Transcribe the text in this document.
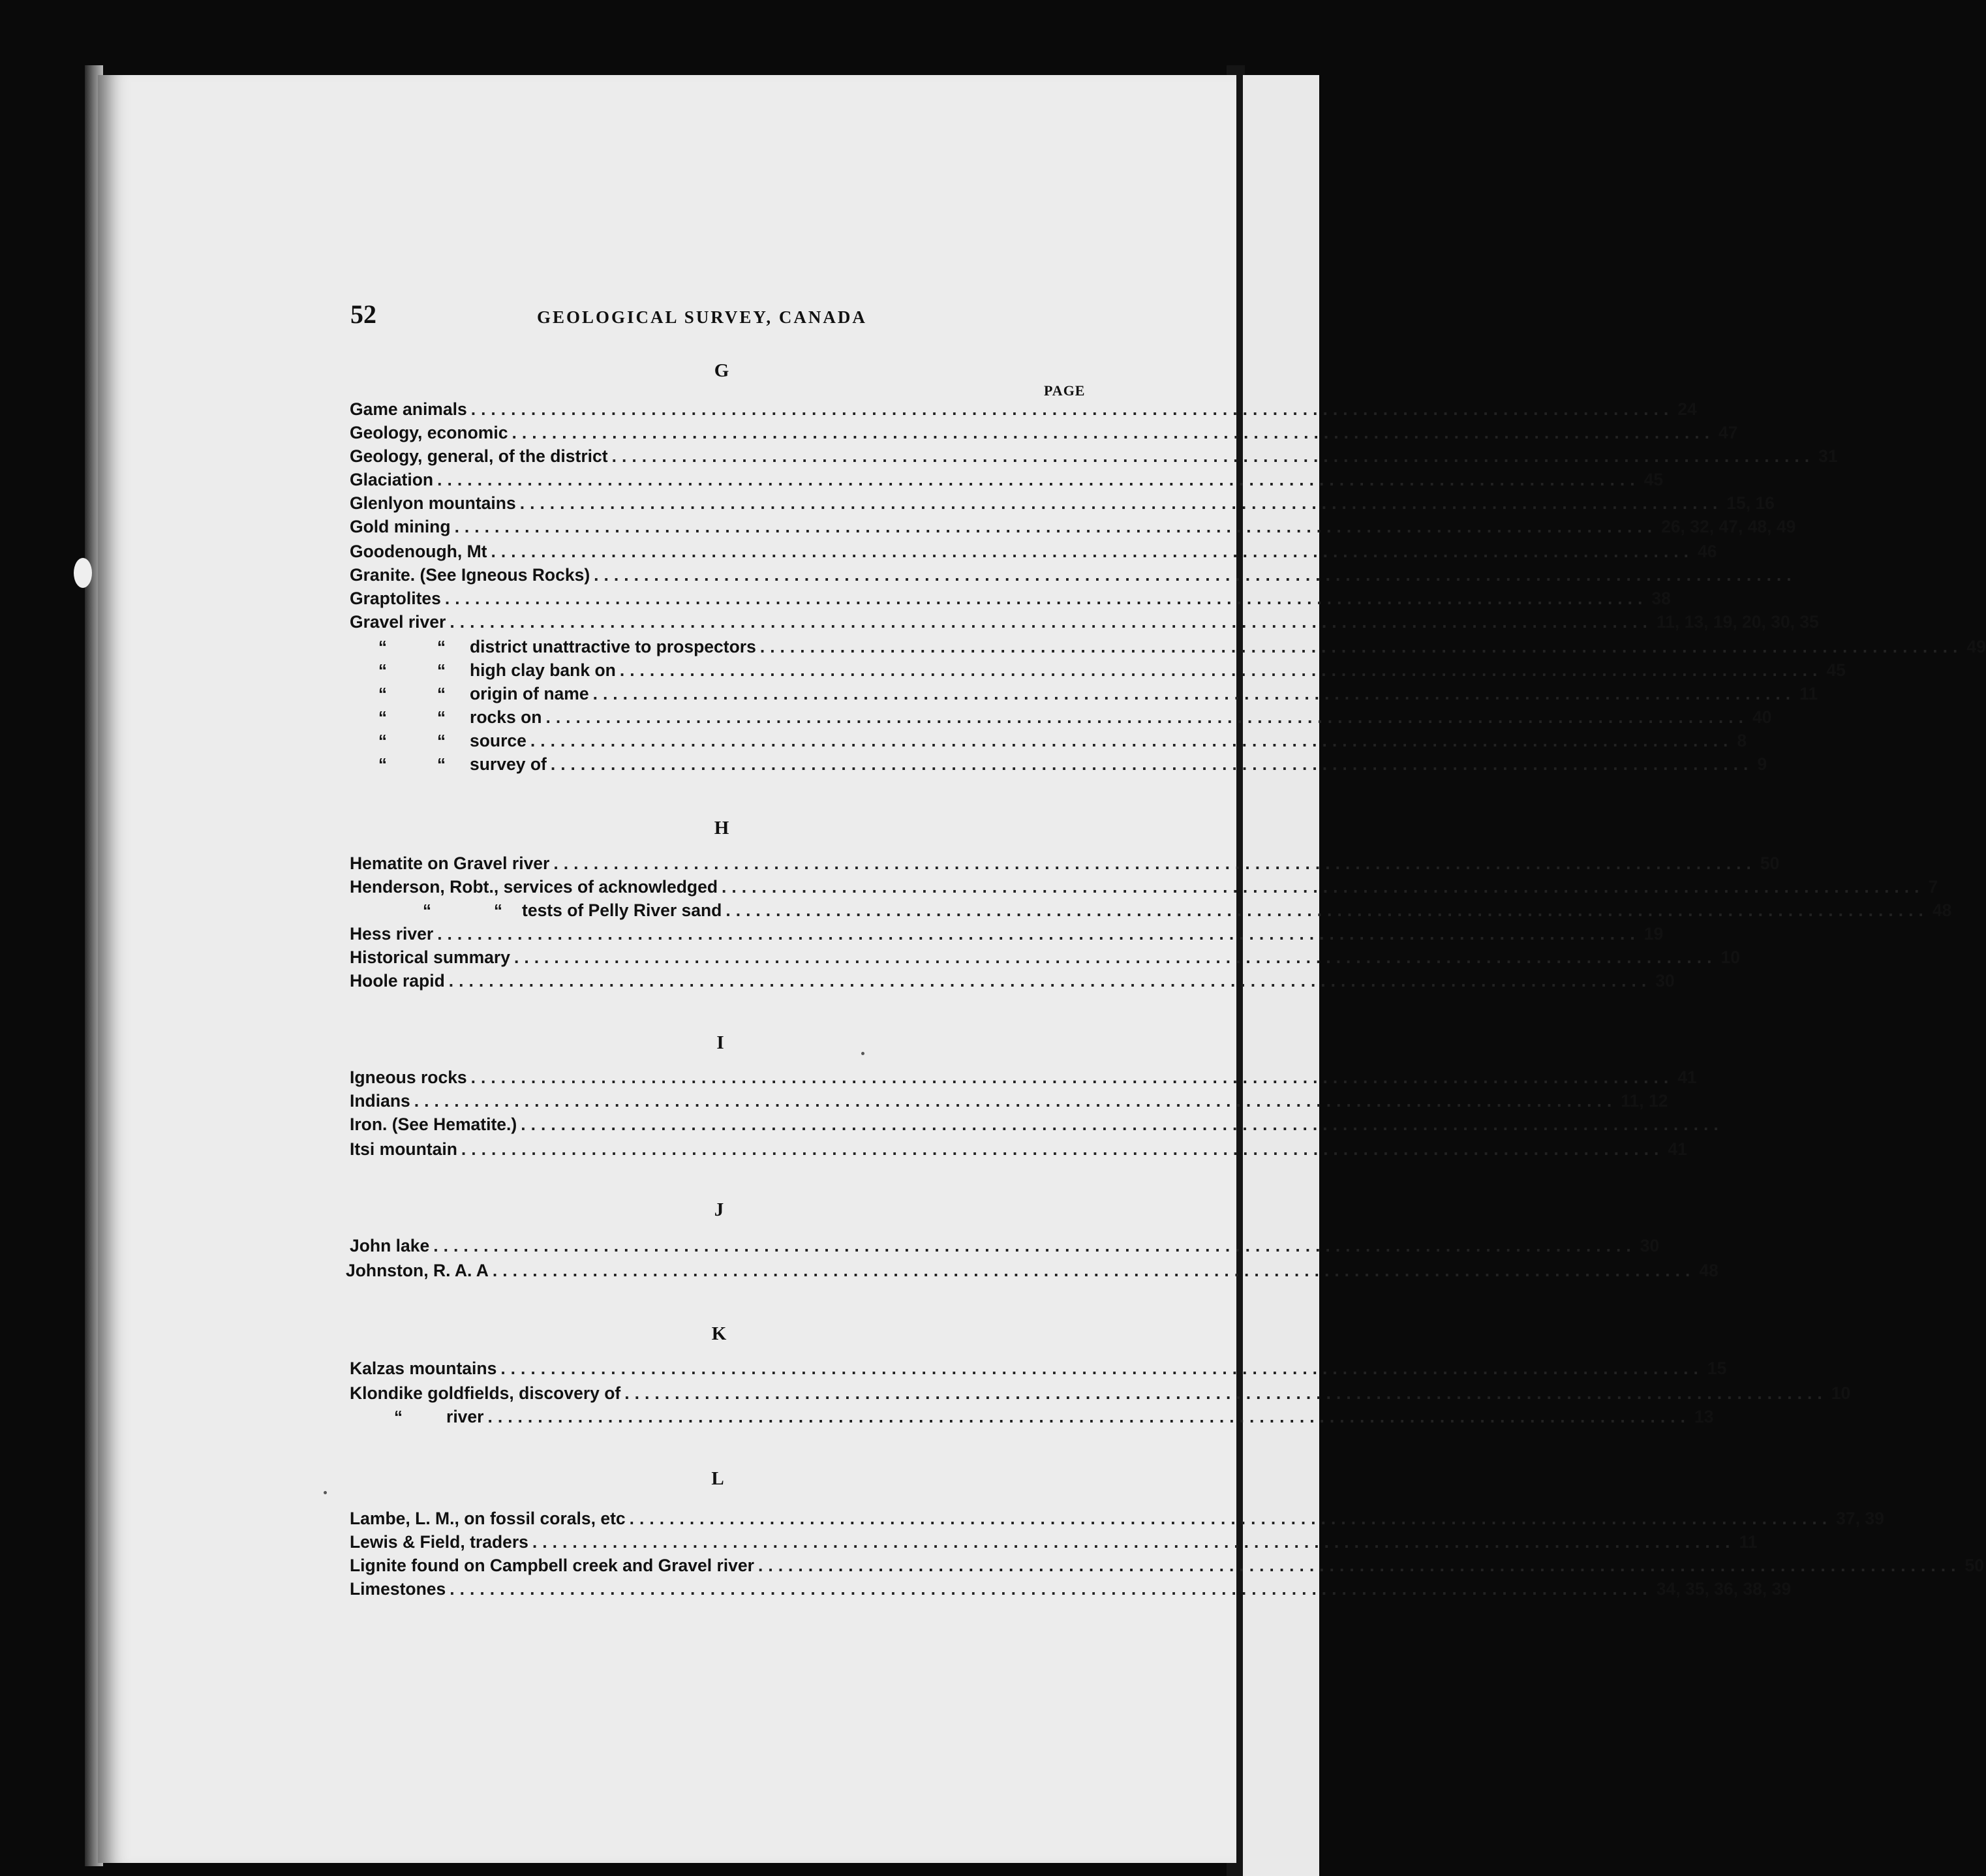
52	GEOLOGICAL SURVEY, CANADA
G
PAGE
Game animals ........................................................................................................................ 24
Geology, economic ........................................................................................................................ 47
Geology, general, of the district ........................................................................................................................ 31
Glaciation ........................................................................................................................ 45
Glenlyon mountains ........................................................................................................................ 15, 16
Gold mining ........................................................................................................................ 26, 32, 47, 48, 49
Goodenough, Mt ........................................................................................................................ 46
Granite. (See Igneous Rocks) ........................................................................................................................
Graptolites ........................................................................................................................ 38
Gravel river ........................................................................................................................ 11, 13, 19, 20, 30, 35
“	“ district unattractive to prospectors ........................................................................................................................ 49
“	“ high clay bank on ........................................................................................................................ 45
“	“ origin of name ........................................................................................................................ 11
“	“ rocks on ........................................................................................................................ 40
“	“ source ........................................................................................................................ 8
“	“ survey of ........................................................................................................................ 9
H
Hematite on Gravel river ........................................................................................................................ 50
Henderson, Robt., services of acknowledged ........................................................................................................................ 7
“	“ tests of Pelly River sand ........................................................................................................................ 48
Hess river ........................................................................................................................ 19
Historical summary ........................................................................................................................ 10
Hoole rapid ........................................................................................................................ 30
I
Igneous rocks ........................................................................................................................ 41
Indians ........................................................................................................................ 11, 12
Iron. (See Hematite.) ........................................................................................................................
Itsi mountain ........................................................................................................................ 41
J
John lake ........................................................................................................................ 30
Johnston, R. A. A ........................................................................................................................ 48
K
Kalzas mountains ........................................................................................................................ 15
Klondike goldfields, discovery of ........................................................................................................................ 10
“	river ........................................................................................................................ 13
L
Lambe, L. M., on fossil corals, etc ........................................................................................................................ 37, 39
Lewis & Field, traders ........................................................................................................................ 11
Lignite found on Campbell creek and Gravel river ........................................................................................................................ 50
Limestones ........................................................................................................................ 34, 35, 36, 38, 39
